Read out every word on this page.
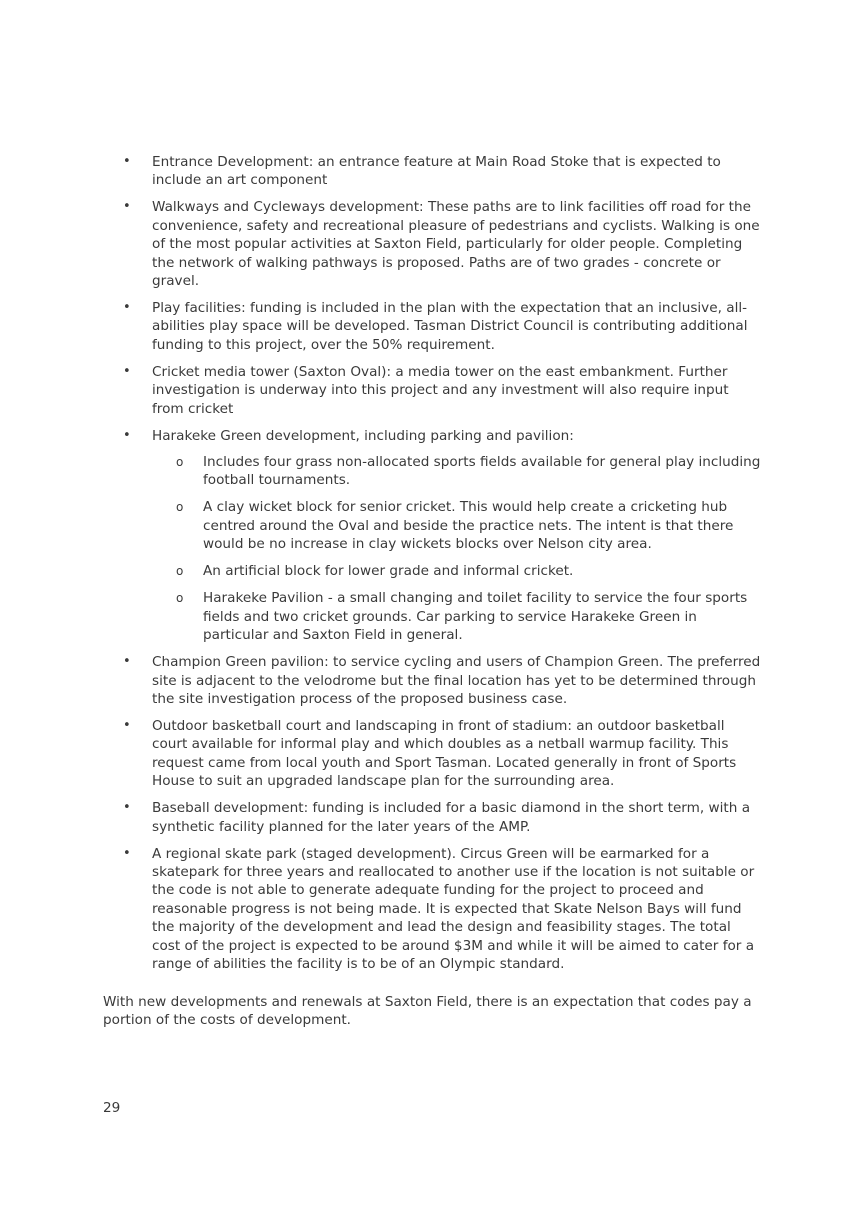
• Entrance Development: an entrance feature at Main Road Stoke that is expected to include an art component
• Walkways and Cycleways development: These paths are to link facilities off road for the convenience, safety and recreational pleasure of pedestrians and cyclists. Walking is one of the most popular activities at Saxton Field, particularly for older people. Completing the network of walking pathways is proposed. Paths are of two grades - concrete or gravel.
• Play facilities: funding is included in the plan with the expectation that an inclusive, all-abilities play space will be developed. Tasman District Council is contributing additional funding to this project, over the 50% requirement.
• Cricket media tower (Saxton Oval): a media tower on the east embankment. Further investigation is underway into this project and any investment will also require input from cricket
• Harakeke Green development, including parking and pavilion:
o Includes four grass non-allocated sports fields available for general play including football tournaments.
o A clay wicket block for senior cricket. This would help create a cricketing hub centred around the Oval and beside the practice nets. The intent is that there would be no increase in clay wickets blocks over Nelson city area.
o An artificial block for lower grade and informal cricket.
o Harakeke Pavilion - a small changing and toilet facility to service the four sports fields and two cricket grounds. Car parking to service Harakeke Green in particular and Saxton Field in general.
• Champion Green pavilion: to service cycling and users of Champion Green. The preferred site is adjacent to the velodrome but the final location has yet to be determined through the site investigation process of the proposed business case.
• Outdoor basketball court and landscaping in front of stadium: an outdoor basketball court available for informal play and which doubles as a netball warmup facility. This request came from local youth and Sport Tasman. Located generally in front of Sports House to suit an upgraded landscape plan for the surrounding area.
• Baseball development: funding is included for a basic diamond in the short term, with a synthetic facility planned for the later years of the AMP.
• A regional skate park (staged development). Circus Green will be earmarked for a skatepark for three years and reallocated to another use if the location is not suitable or the code is not able to generate adequate funding for the project to proceed and reasonable progress is not being made. It is expected that Skate Nelson Bays will fund the majority of the development and lead the design and feasibility stages. The total cost of the project is expected to be around $3M and while it will be aimed to cater for a range of abilities the facility is to be of an Olympic standard.

With new developments and renewals at Saxton Field, there is an expectation that codes pay a portion of the costs of development.

29
